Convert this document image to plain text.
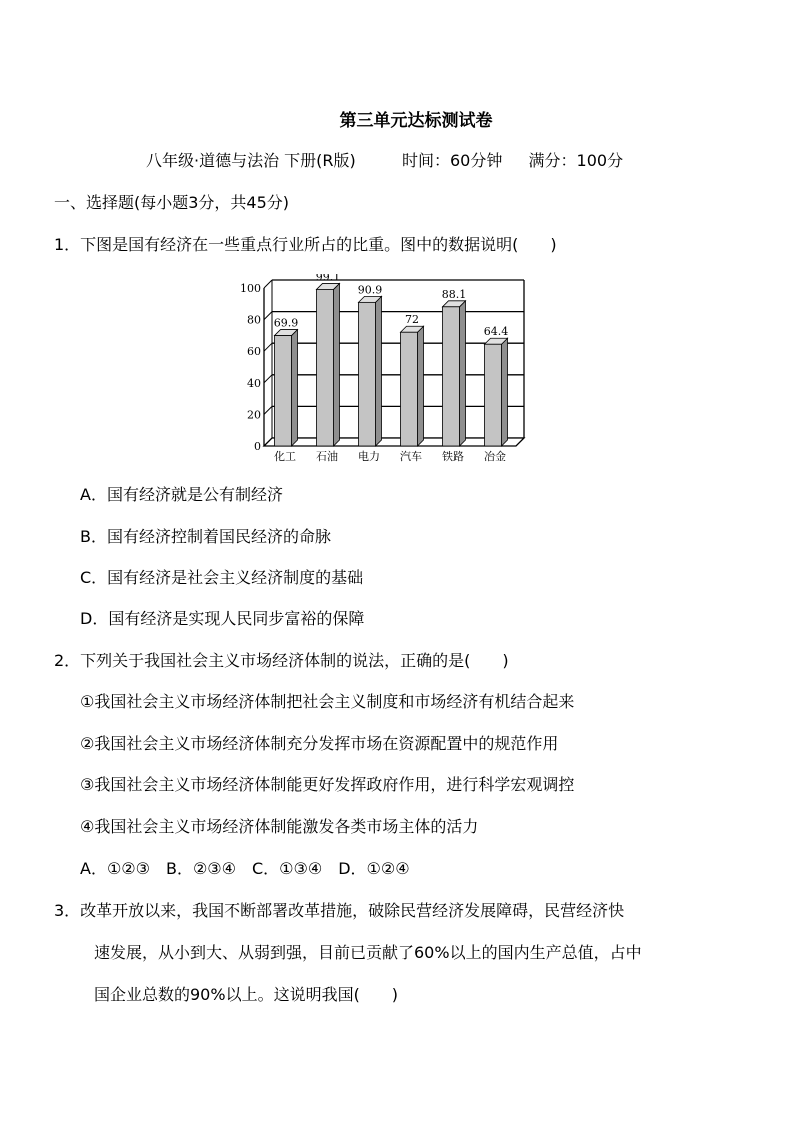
第三单元达标测试卷
八年级·道德与法治 下册(R版)	时间：60分钟 满分：100分
一、选择题(每小题3分，共45分)
1．下图是国有经济在一些重点行业所占的比重。图中的数据说明(　　)
0
20
40
60
80
100
69.9
化工
99.1
石油
90.9
电力
72
汽车
88.1
铁路
64.4
冶金
A．国有经济就是公有制经济
B．国有经济控制着国民经济的命脉
C．国有经济是社会主义经济制度的基础
D．国有经济是实现人民同步富裕的保障
2．下列关于我国社会主义市场经济体制的说法，正确的是(　　)
①我国社会主义市场经济体制把社会主义制度和市场经济有机结合起来
②我国社会主义市场经济体制充分发挥市场在资源配置中的规范作用
③我国社会主义市场经济体制能更好发挥政府作用，进行科学宏观调控
④我国社会主义市场经济体制能激发各类市场主体的活力
A．①②③　B．②③④　C．①③④　D．①②④
3．改革开放以来，我国不断部署改革措施，破除民营经济发展障碍，民营经济快
速发展，从小到大、从弱到强，目前已贡献了60%以上的国内生产总值，占中
国企业总数的90%以上。这说明我国(　　)
